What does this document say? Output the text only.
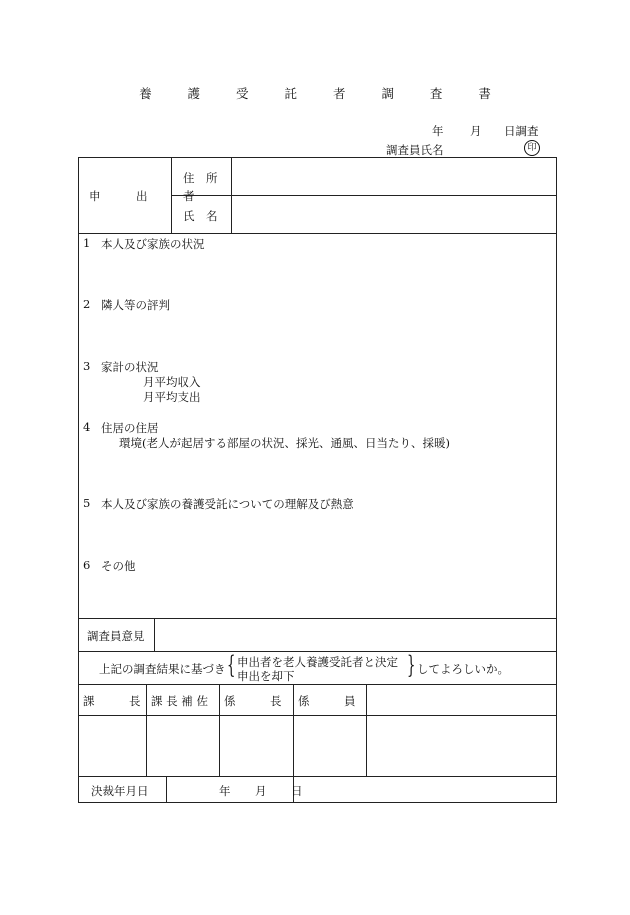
養 護 受 託 者 調 査 書
年 月 日調査
調査員氏名	印
申　出　者
住　所
氏　名
1 本人及び家族の状況
2 隣人等の評判
3 家計の状況
月平均収入
月平均支出
4 住居の住居
環境(老人が起居する部屋の状況、採光、通風、日当たり、採暖)
5 本人及び家族の養護受託についての理解及び熱意
6 その他
調査員意見
上記の調査結果に基づき { 申出者を老人養護受託者と決定
申出を却下	} してよろしいか。
課　　　長 課 長 補 佐 係　　　長 係　　　員
決裁年月日	年 月 日
